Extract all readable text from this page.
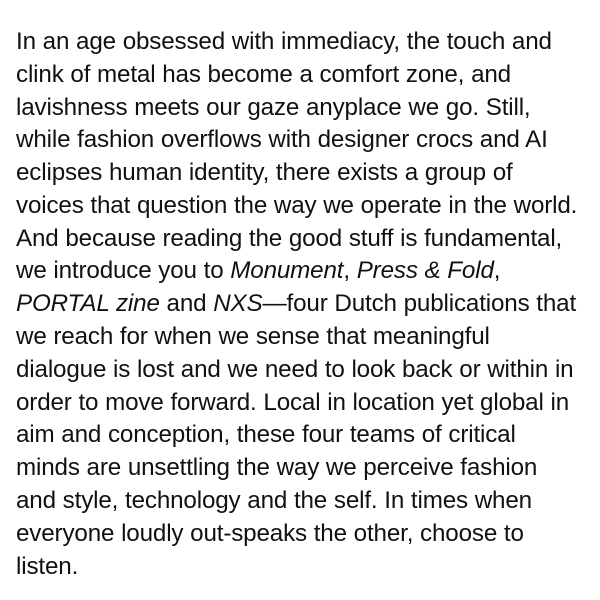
In an age obsessed with immediacy, the touch and clink of metal has become a comfort zone, and lavishness meets our gaze anyplace we go. Still, while fashion overflows with designer crocs and AI eclipses human identity, there exists a group of voices that question the way we operate in the world. And because reading the good stuff is fundamental, we introduce you to Monument, Press & Fold, PORTAL zine and NXS—four Dutch publications that we reach for when we sense that meaningful dialogue is lost and we need to look back or within in order to move forward. Local in location yet global in aim and conception, these four teams of critical minds are unsettling the way we perceive fashion and style, technology and the self. In times when everyone loudly out-speaks the other, choose to listen.
